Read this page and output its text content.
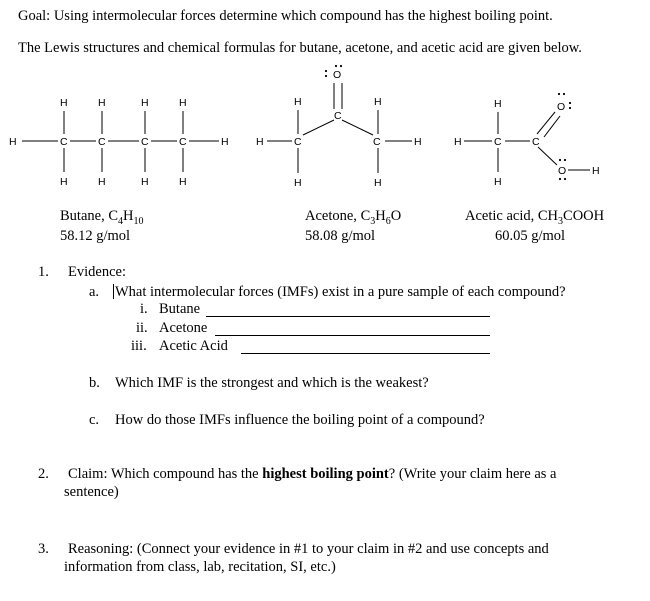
Goal: Using intermolecular forces determine which compound has the highest boiling point.
The Lewis structures and chemical formulas for butane, acetone, and acetic acid are given below.
H	C	C	C	C	H
H	H	H	H
H	H	H	H
H	C
H
H
C
O
C
H
H
H	H	C
H
H
C
O
O H
Butane, $C_4H_{10}$
58.12 g/mol
Acetone, $C_3H_6O$
58.08 g/mol
Acetic acid, $CH_3COOH$
60.05 g/mol
1. Evidence:
a. What intermolecular forces (IMFs) exist in a pure sample of each compound?
i. Butane
ii. Acetone
iii. Acetic Acid
b. Which IMF is the strongest and which is the weakest?
c. How do those IMFs influence the boiling point of a compound?
2. Claim: Which compound has the highest boiling point? (Write your claim here as a
sentence)
3. Reasoning: (Connect your evidence in #1 to your claim in #2 and use concepts and
information from class, lab, recitation, SI, etc.)
